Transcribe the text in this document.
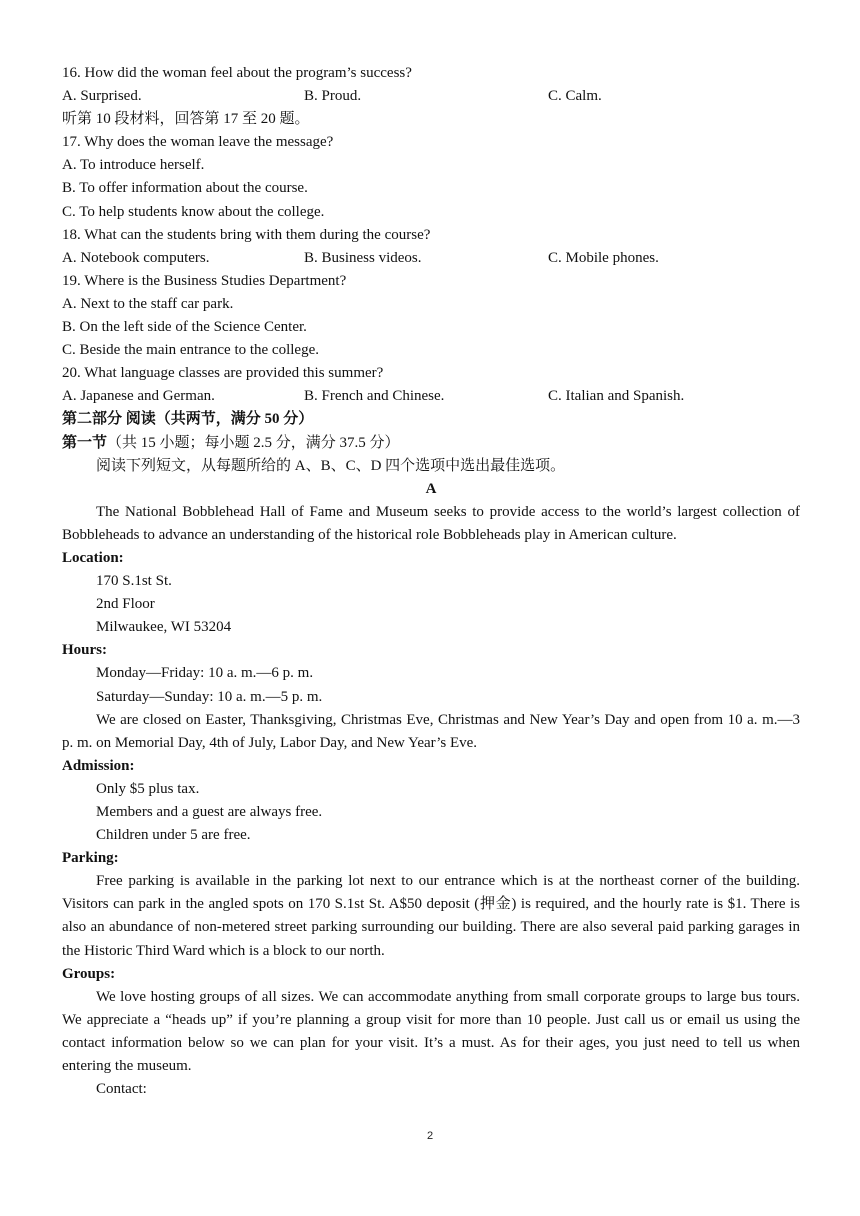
16. How did the woman feel about the program’s success?
A. Surprised.	B. Proud.	C. Calm.
听第 10 段材料，回答第 17 至 20 题。
17. Why does the woman leave the message?
A. To introduce herself.
B. To offer information about the course.
C. To help students know about the college.
18. What can the students bring with them during the course?
A. Notebook computers.	B. Business videos.	C. Mobile phones.
19. Where is the Business Studies Department?
A. Next to the staff car park.
B. On the left side of the Science Center.
C. Beside the main entrance to the college.
20. What language classes are provided this summer?
A. Japanese and German.	B. French and Chinese.	C. Italian and Spanish.
第二部分 阅读（共两节，满分 50 分）
第一节（共 15 小题；每小题 2.5 分，满分 37.5 分）
阅读下列短文，从每题所给的 A、B、C、D 四个选项中选出最佳选项。
A
The National Bobblehead Hall of Fame and Museum seeks to provide access to the world’s largest collection of Bobbleheads to advance an understanding of the historical role Bobbleheads play in American culture.
Location:
170 S.1st St.
2nd Floor
Milwaukee, WI 53204
Hours:
Monday—Friday: 10 a. m.—6 p. m.
Saturday—Sunday: 10 a. m.—5 p. m.
We are closed on Easter, Thanksgiving, Christmas Eve, Christmas and New Year’s Day and open from 10 a. m.—3 p. m. on Memorial Day, 4th of July, Labor Day, and New Year’s Eve.
Admission:
Only $5 plus tax.
Members and a guest are always free.
Children under 5 are free.
Parking:
Free parking is available in the parking lot next to our entrance which is at the northeast corner of the building. Visitors can park in the angled spots on 170 S.1st St. A$50 deposit (押金) is required, and the hourly rate is $1. There is also an abundance of non-metered street parking surrounding our building. There are also several paid parking garages in the Historic Third Ward which is a block to our north.
Groups:
We love hosting groups of all sizes. We can accommodate anything from small corporate groups to large bus tours. We appreciate a “heads up” if you’re planning a group visit for more than 10 people. Just call us or email us using the contact information below so we can plan for your visit. It’s a must. As for their ages, you just need to tell us when entering the museum.
Contact:
2
